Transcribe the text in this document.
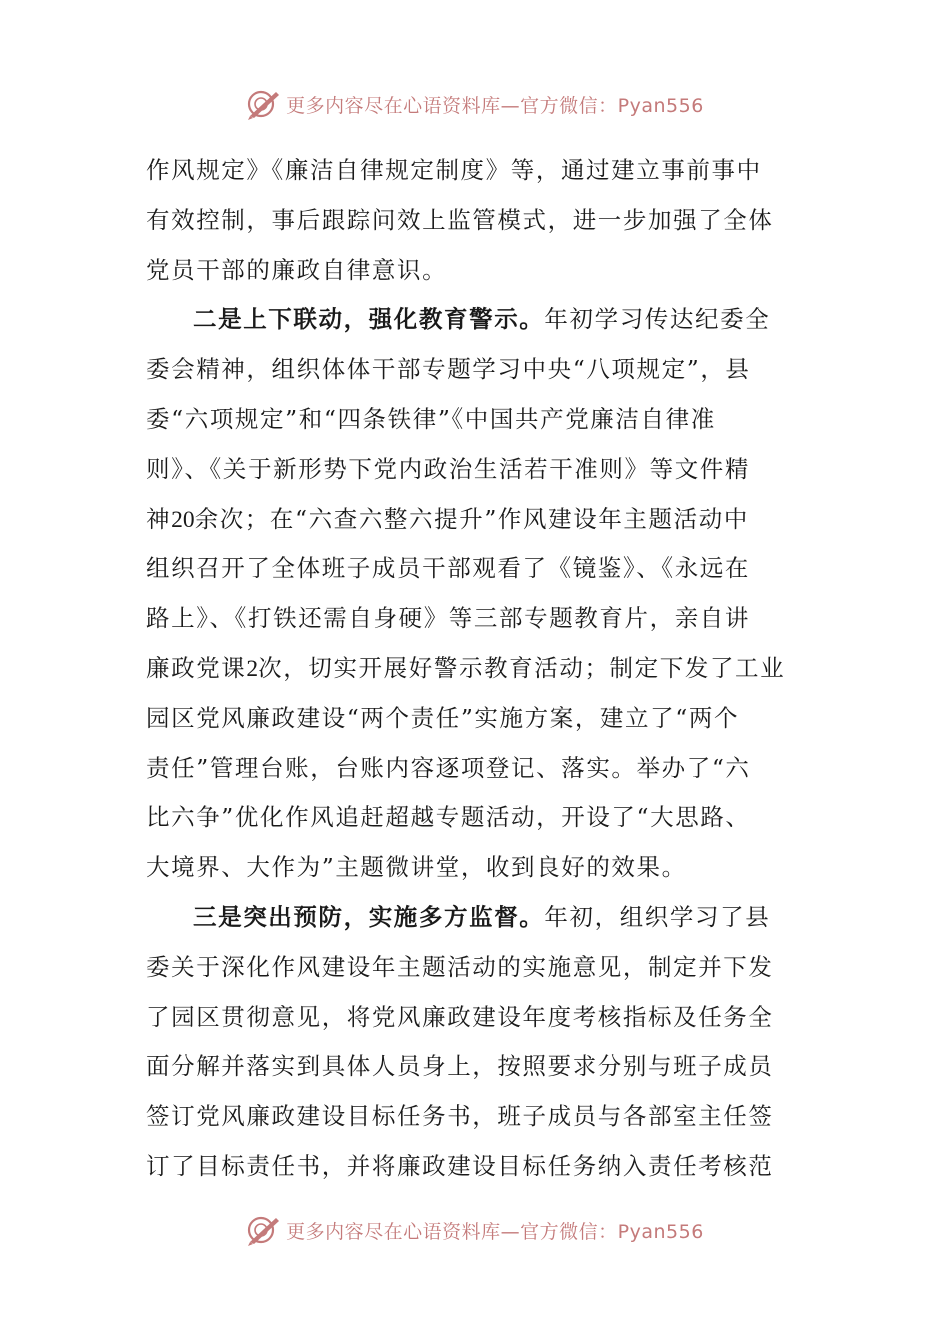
更多内容尽在心语资料库—官方微信：Pyan556
作风规定》《廉洁自律规定制度》等，通过建立事前事中
有效控制，事后跟踪问效上监管模式，进一步加强了全体
党员干部的廉政自律意识。
二是上下联动，强化教育警示。年初学习传达纪委全
委会精神，组织体体干部专题学习中央“八项规定”，县
委“六项规定”和“四条铁律”《中国共产党廉洁自律准
则》、《关于新形势下党内政治生活若干准则》等文件精
神20余次；在“六查六整六提升”作风建设年主题活动中
组织召开了全体班子成员干部观看了《镜鉴》、《永远在
路上》、《打铁还需自身硬》等三部专题教育片，亲自讲
廉政党课2次，切实开展好警示教育活动；制定下发了工业
园区党风廉政建设“两个责任”实施方案，建立了“两个
责任”管理台账，台账内容逐项登记、落实。举办了“六
比六争”优化作风追赶超越专题活动，开设了“大思路、
大境界、大作为”主题微讲堂，收到良好的效果。
三是突出预防，实施多方监督。年初，组织学习了县
委关于深化作风建设年主题活动的实施意见，制定并下发
了园区贯彻意见，将党风廉政建设年度考核指标及任务全
面分解并落实到具体人员身上，按照要求分别与班子成员
签订党风廉政建设目标任务书，班子成员与各部室主任签
订了目标责任书，并将廉政建设目标任务纳入责任考核范
更多内容尽在心语资料库—官方微信：Pyan556
